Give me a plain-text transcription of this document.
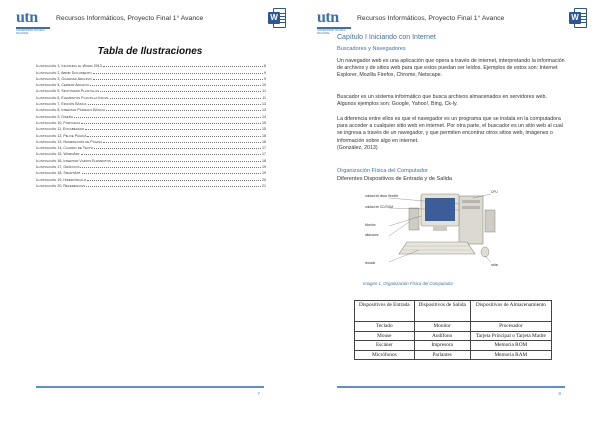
utn
UNIVERSIDAD TÉCNICA NACIONAL
Recursos Informáticos, Proyecto Final 1° Avance	W
Tabla de Ilustraciones
Ilustración 1, Iniciando el Word 2013	8
Ilustración 2, Abrir Documento	9
Ilustración 3, Guardar Archivo	9
Ilustración 4, Cerrar Archivo	10
Ilustración 5, Sintonizar Plantillas	11
Ilustración 6, Elementos Plantilla Inicial	11
Ilustración 7, Edición Básica	13
Ilustración 8, Insertar Párrafo Básico	13
Ilustración 9, Diseño	14
Ilustración 10, Portadas	15
Ilustración 11, Encabezado	15
Ilustración 12, Pie de Página	16
Ilustración 13, Numeración de Página	16
Ilustración 14, Cuadro de Texto	17
Ilustración 15, WordArt	17
Ilustración 16, Insertar Varios Elementos	18
Ilustración 17, Gráficos	19
Ilustración 18, SmartArt	19
Ilustración 19, Hipervínculo	20
Ilustración 20, Referencias	21
7
utn
UNIVERSIDAD TÉCNICA NACIONAL
Recursos Informáticos, Proyecto Final 1° Avance	W
Capítulo I Iniciando con Internet
Buscadores y Navegadores
Un navegador web es una aplicación que opera a través de internet, interpretando la información de archivos y de sitios web para que estos puedan ser leídos. Ejemplos de estos son: Internet Explorer, Mozilla Firefox, Chrome, Netscape.
Buscador es un sistema informático que busca archivos almacenados en servidores web. Algunos ejemplos son: Google, Yahoo!, Bing, Ck-ly.
La diferencia entre ellos es que el navegador es un programa que se instala en la computadora para acceder a cualquier sitio web en internet. Por otra parte, el buscador es un sitio web al cual se ingresa a través de un navegador, y que permiten encontrar otros sitios web, imágenes o información sobre algo en internet.
(González, 2013)
Organización Física del Computador
Diferentes Dispositivos de Entrada y de Salida
unidad de disco flexible
unidad de CD-ROM
Monitor
altavoces
teclado	ratón
CPU
Imagen 1, Organización Física del Computador
Dispositivos de Entrada	Dispositivos de Salida	Dispositivos de Almacenamiento
Teclado	Monitor	Procesador
Mouse	Audífono	Tarjeta Principal o Tarjeta Madre
Escáner	Impresora	Memoria ROM
Micrófonos	Parlantes	Memoria RAM
8
